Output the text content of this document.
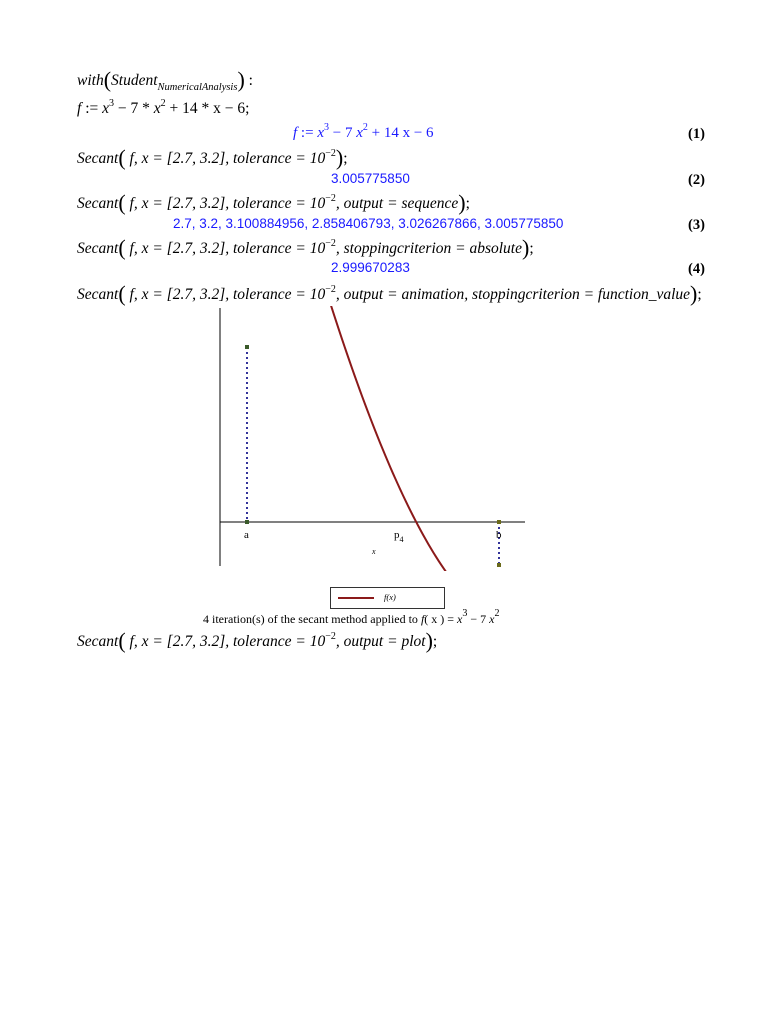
with(Student$_{NumericalAnalysis}$) :
f := $x^3 - 7 * x^2 + 14 * x - 6$;
f := $x^3 - 7$ $x^2 + 14$ x − 6	(1)
Secant( f, x = [2.7, 3.2], tolerance = $10^{-2}$);
3.005775850	(2)
Secant( f, x = [2.7, 3.2], tolerance = $10^{-2}$, output = sequence);
2.7, 3.2, 3.100884956, 2.858406793, 3.026267866, 3.005775850	(3)
Secant( f, x = [2.7, 3.2], tolerance = $10^{-2}$, stoppingcriterion = absolute);
2.999670283	(4)
Secant( f, x = [2.7, 3.2], tolerance = $10^{-2}$, output = animation, stoppingcriterion = function_value);
a	$p_4$	b
x
f(x)
4 iteration(s) of the secant method applied to f( x ) = $x^3 - 7$ $x^2$
Secant( f, x = [2.7, 3.2], tolerance = $10^{-2}$, output = plot);
